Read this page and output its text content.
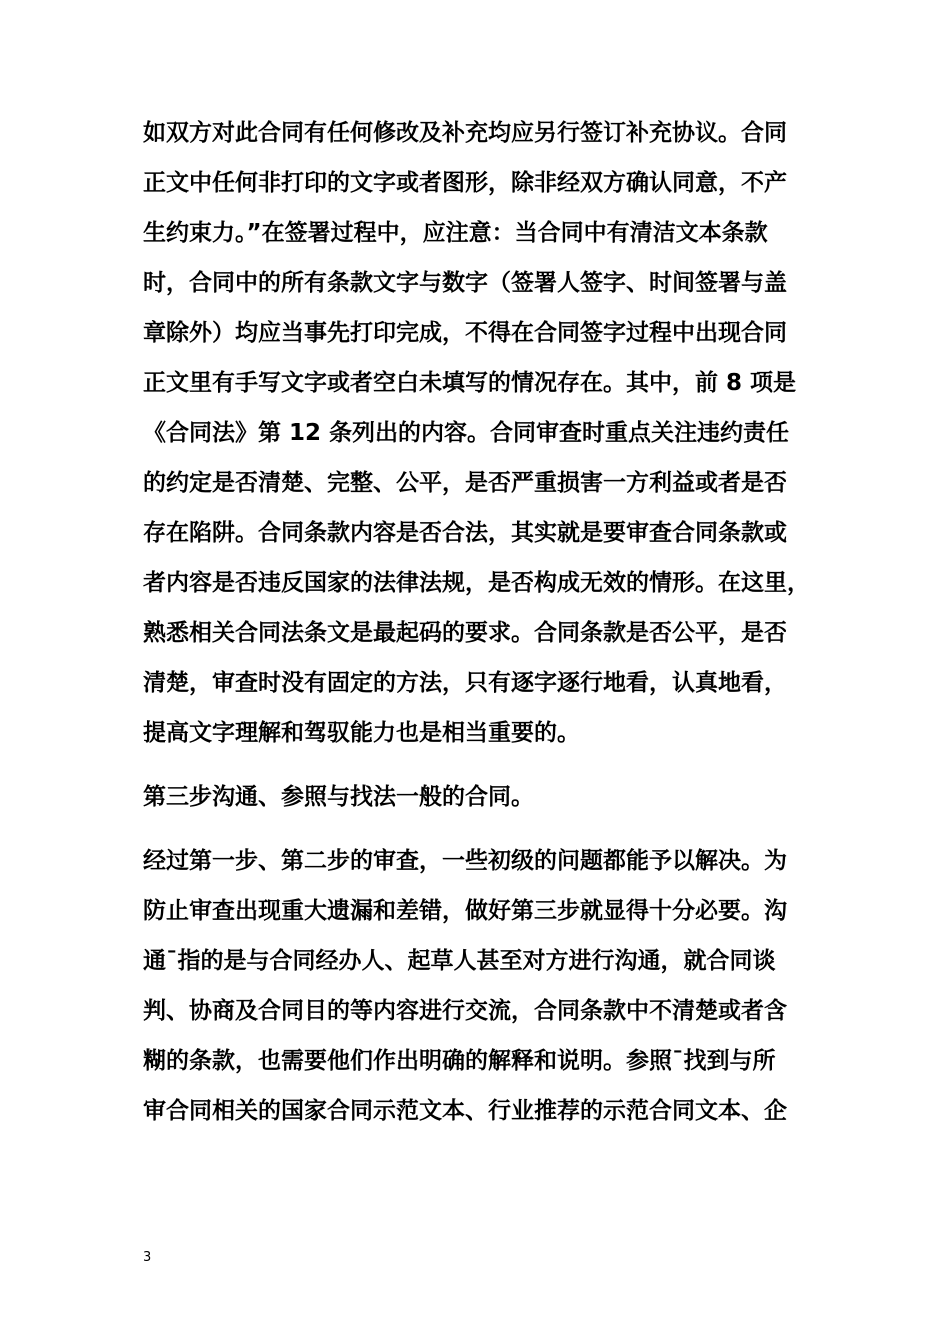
如双方对此合同有任何修改及补充均应另行签订补充协议。合同
正文中任何非打印的文字或者图形，除非经双方确认同意，不产
生约束力。”在签署过程中，应注意：当合同中有清洁文本条款
时，合同中的所有条款文字与数字（签署人签字、时间签署与盖
章除外）均应当事先打印完成，不得在合同签字过程中出现合同
正文里有手写文字或者空白未填写的情况存在。其中，前 8 项是
《合同法》第 12 条列出的内容。合同审查时重点关注违约责任
的约定是否清楚、完整、公平，是否严重损害一方利益或者是否
存在陷阱。合同条款内容是否合法，其实就是要审查合同条款或
者内容是否违反国家的法律法规，是否构成无效的情形。在这里，
熟悉相关合同法条文是最起码的要求。合同条款是否公平，是否
清楚，审查时没有固定的方法，只有逐字逐行地看，认真地看，
提高文字理解和驾驭能力也是相当重要的。

第三步沟通、参照与找法一般的合同。

经过第一步、第二步的审查，一些初级的问题都能予以解决。为
防止审查出现重大遗漏和差错，做好第三步就显得十分必要。沟
通¯指的是与合同经办人、起草人甚至对方进行沟通，就合同谈
判、协商及合同目的等内容进行交流，合同条款中不清楚或者含
糊的条款，也需要他们作出明确的解释和说明。参照¯找到与所
审合同相关的国家合同示范文本、行业推荐的示范合同文本、企

3
